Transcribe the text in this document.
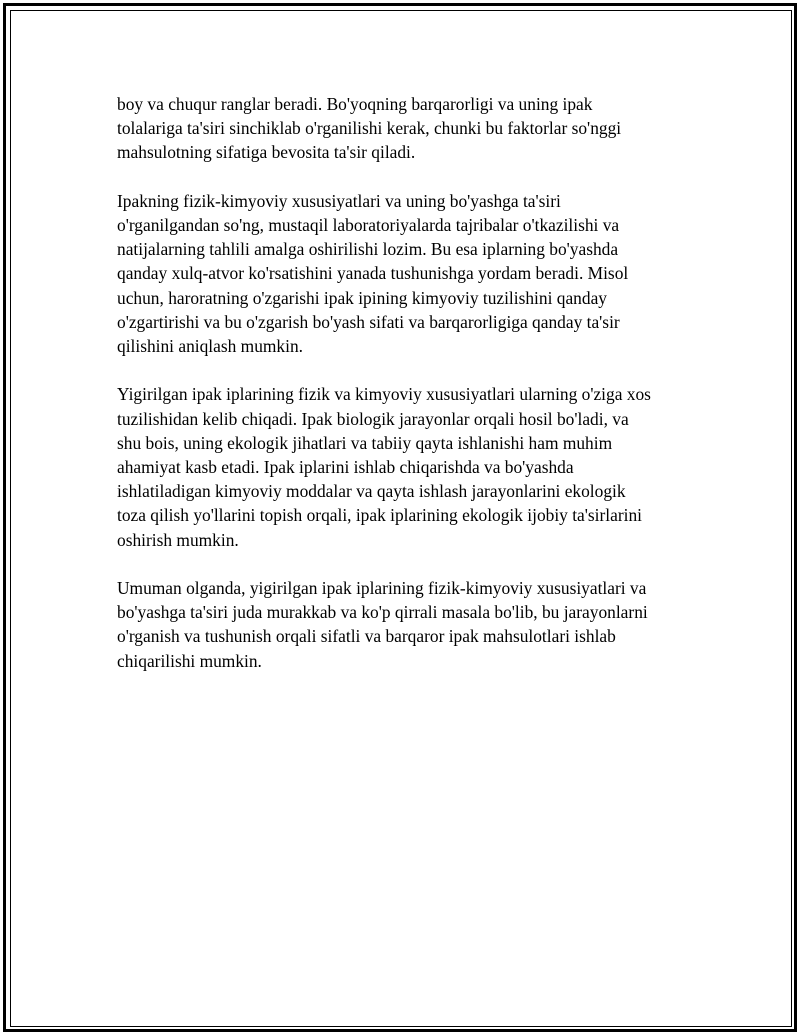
boy va chuqur ranglar beradi. Bo'yoqning barqarorligi va uning ipak
tolalariga ta'siri sinchiklab o'rganilishi kerak, chunki bu faktorlar so'nggi
mahsulotning sifatiga bevosita ta'sir qiladi.

Ipakning fizik-kimyoviy xususiyatlari va uning bo'yashga ta'siri
o'rganilgandan so'ng, mustaqil laboratoriyalarda tajribalar o'tkazilishi va
natijalarning tahlili amalga oshirilishi lozim. Bu esa iplarning bo'yashda
qanday xulq-atvor ko'rsatishini yanada tushunishga yordam beradi. Misol
uchun, haroratning o'zgarishi ipak ipining kimyoviy tuzilishini qanday
o'zgartirishi va bu o'zgarish bo'yash sifati va barqarorligiga qanday ta'sir
qilishini aniqlash mumkin.

Yigirilgan ipak iplarining fizik va kimyoviy xususiyatlari ularning o'ziga xos
tuzilishidan kelib chiqadi. Ipak biologik jarayonlar orqali hosil bo'ladi, va
shu bois, uning ekologik jihatlari va tabiiy qayta ishlanishi ham muhim
ahamiyat kasb etadi. Ipak iplarini ishlab chiqarishda va bo'yashda
ishlatiladigan kimyoviy moddalar va qayta ishlash jarayonlarini ekologik
toza qilish yo'llarini topish orqali, ipak iplarining ekologik ijobiy ta'sirlarini
oshirish mumkin.

Umuman olganda, yigirilgan ipak iplarining fizik-kimyoviy xususiyatlari va
bo'yashga ta'siri juda murakkab va ko'p qirrali masala bo'lib, bu jarayonlarni
o'rganish va tushunish orqali sifatli va barqaror ipak mahsulotlari ishlab
chiqarilishi mumkin.
